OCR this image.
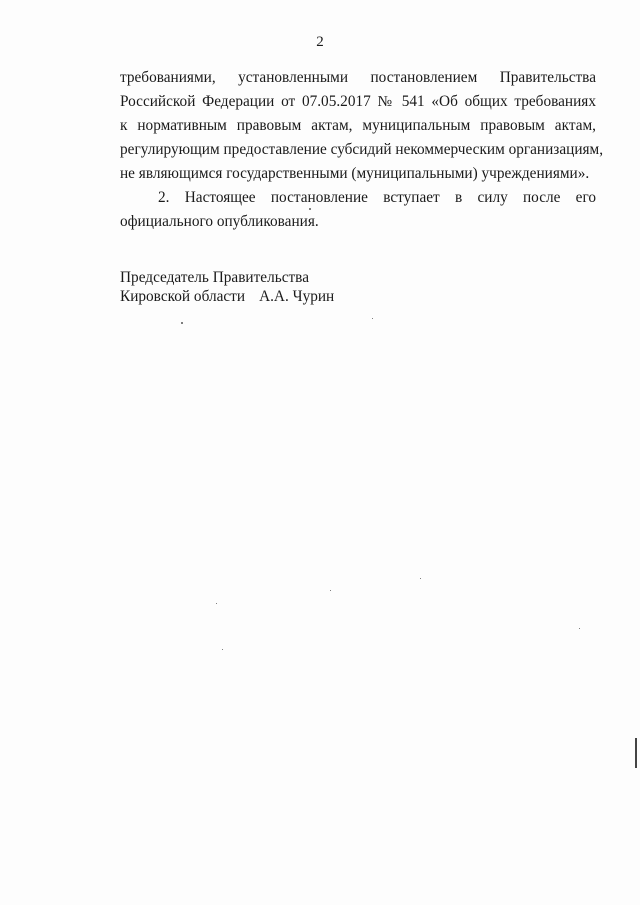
2
требованиями, установленными постановлением Правительства
Российской Федерации от 07.05.2017 № 541 «Об общих требованиях
к нормативным правовым актам, муниципальным правовым актам,
регулирующим предоставление субсидий некоммерческим организациям,
не являющимся государственными (муниципальными) учреждениями».
2. Настоящее постановление вступает в силу после его
официального опубликования.
Председатель Правительства
Кировской области А.А. Чурин
